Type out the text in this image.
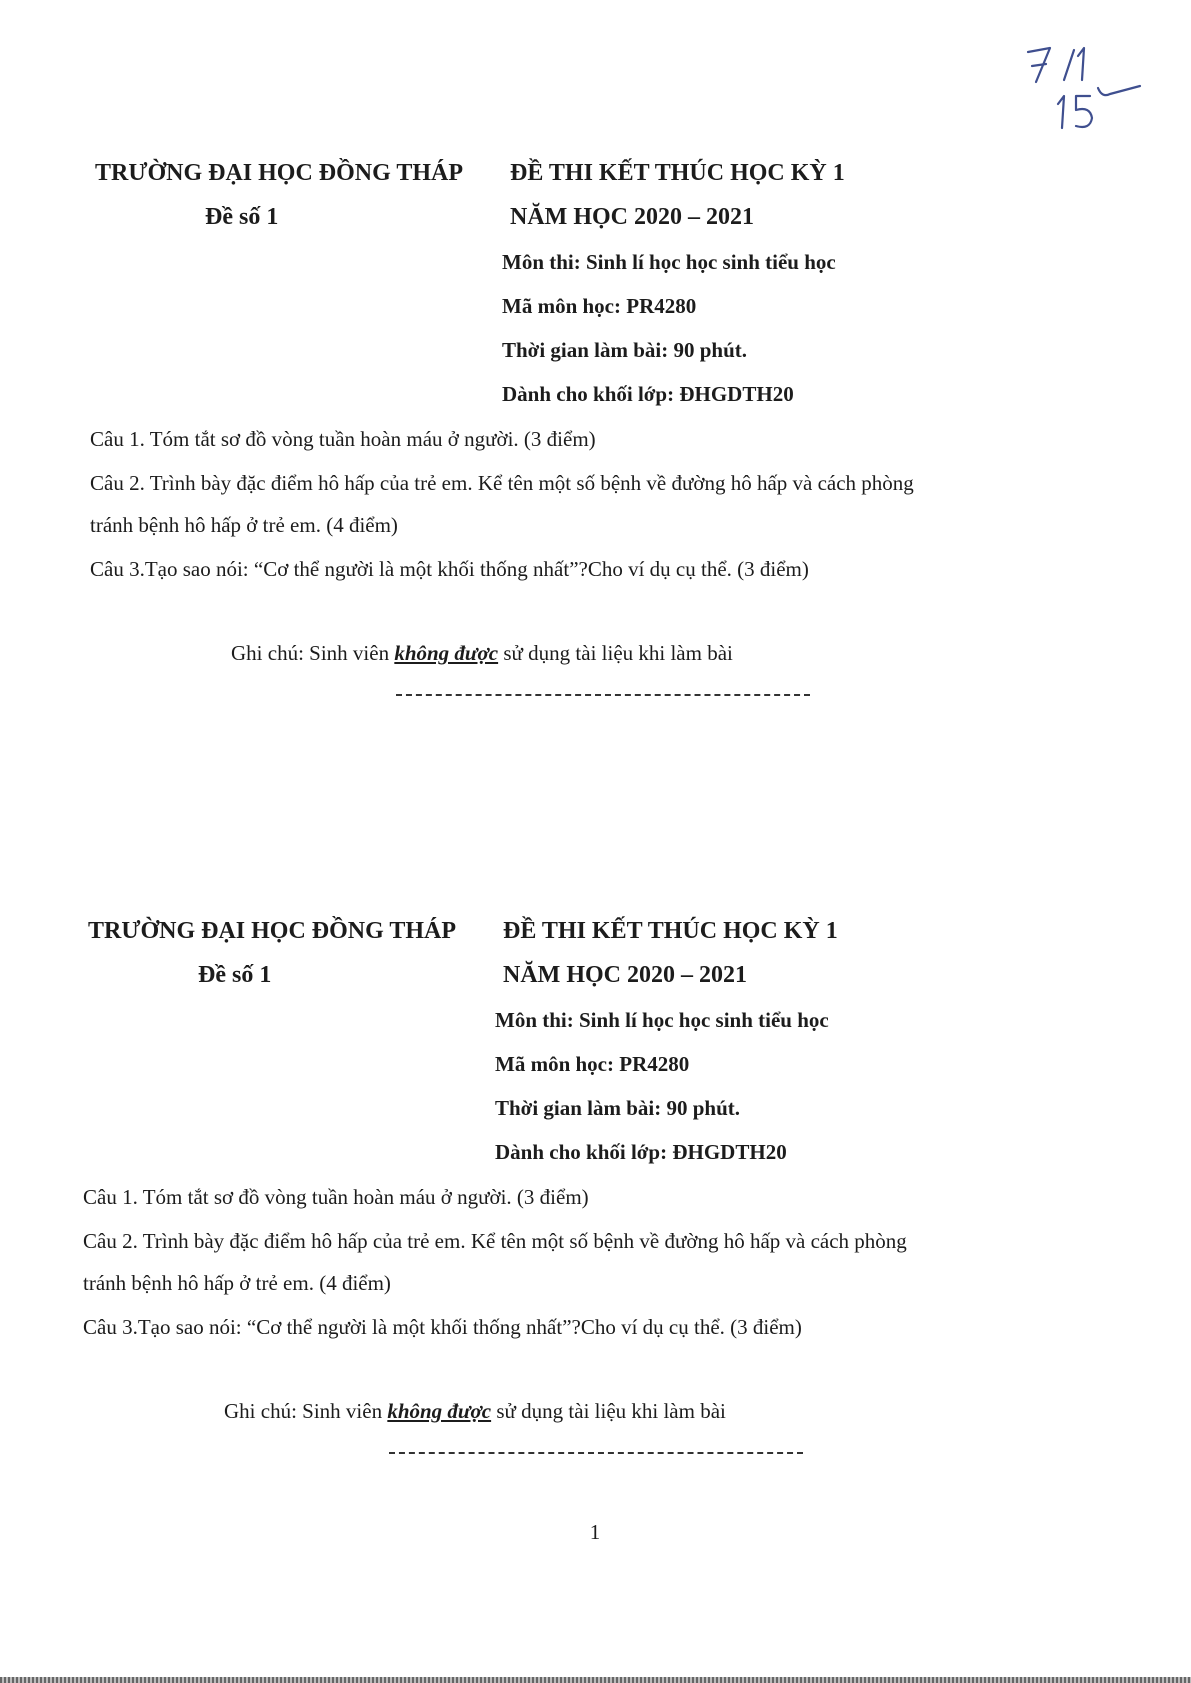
TRƯỜNG ĐẠI HỌC ĐỒNG THÁP
Đề số 1
ĐỀ THI KẾT THÚC HỌC KỲ 1
NĂM HỌC 2020 – 2021
Môn thi: Sinh lí học học sinh tiểu học
Mã môn học: PR4280
Thời gian làm bài: 90 phút.
Dành cho khối lớp: ĐHGDTH20
Câu 1. Tóm tắt sơ đồ vòng tuần hoàn máu ở người. (3 điểm)
Câu 2. Trình bày đặc điểm hô hấp của trẻ em. Kể tên một số bệnh về đường hô hấp và cách phòng
tránh bệnh hô hấp ở trẻ em. (4 điểm)
Câu 3.Tạo sao nói: “Cơ thể người là một khối thống nhất”?Cho ví dụ cụ thể. (3 điểm)
Ghi chú: Sinh viên không được sử dụng tài liệu khi làm bài
TRƯỜNG ĐẠI HỌC ĐỒNG THÁP
Đề số 1
ĐỀ THI KẾT THÚC HỌC KỲ 1
NĂM HỌC 2020 – 2021
Môn thi: Sinh lí học học sinh tiểu học
Mã môn học: PR4280
Thời gian làm bài: 90 phút.
Dành cho khối lớp: ĐHGDTH20
Câu 1. Tóm tắt sơ đồ vòng tuần hoàn máu ở người. (3 điểm)
Câu 2. Trình bày đặc điểm hô hấp của trẻ em. Kể tên một số bệnh về đường hô hấp và cách phòng
tránh bệnh hô hấp ở trẻ em. (4 điểm)
Câu 3.Tạo sao nói: “Cơ thể người là một khối thống nhất”?Cho ví dụ cụ thể. (3 điểm)
Ghi chú: Sinh viên không được sử dụng tài liệu khi làm bài
1
